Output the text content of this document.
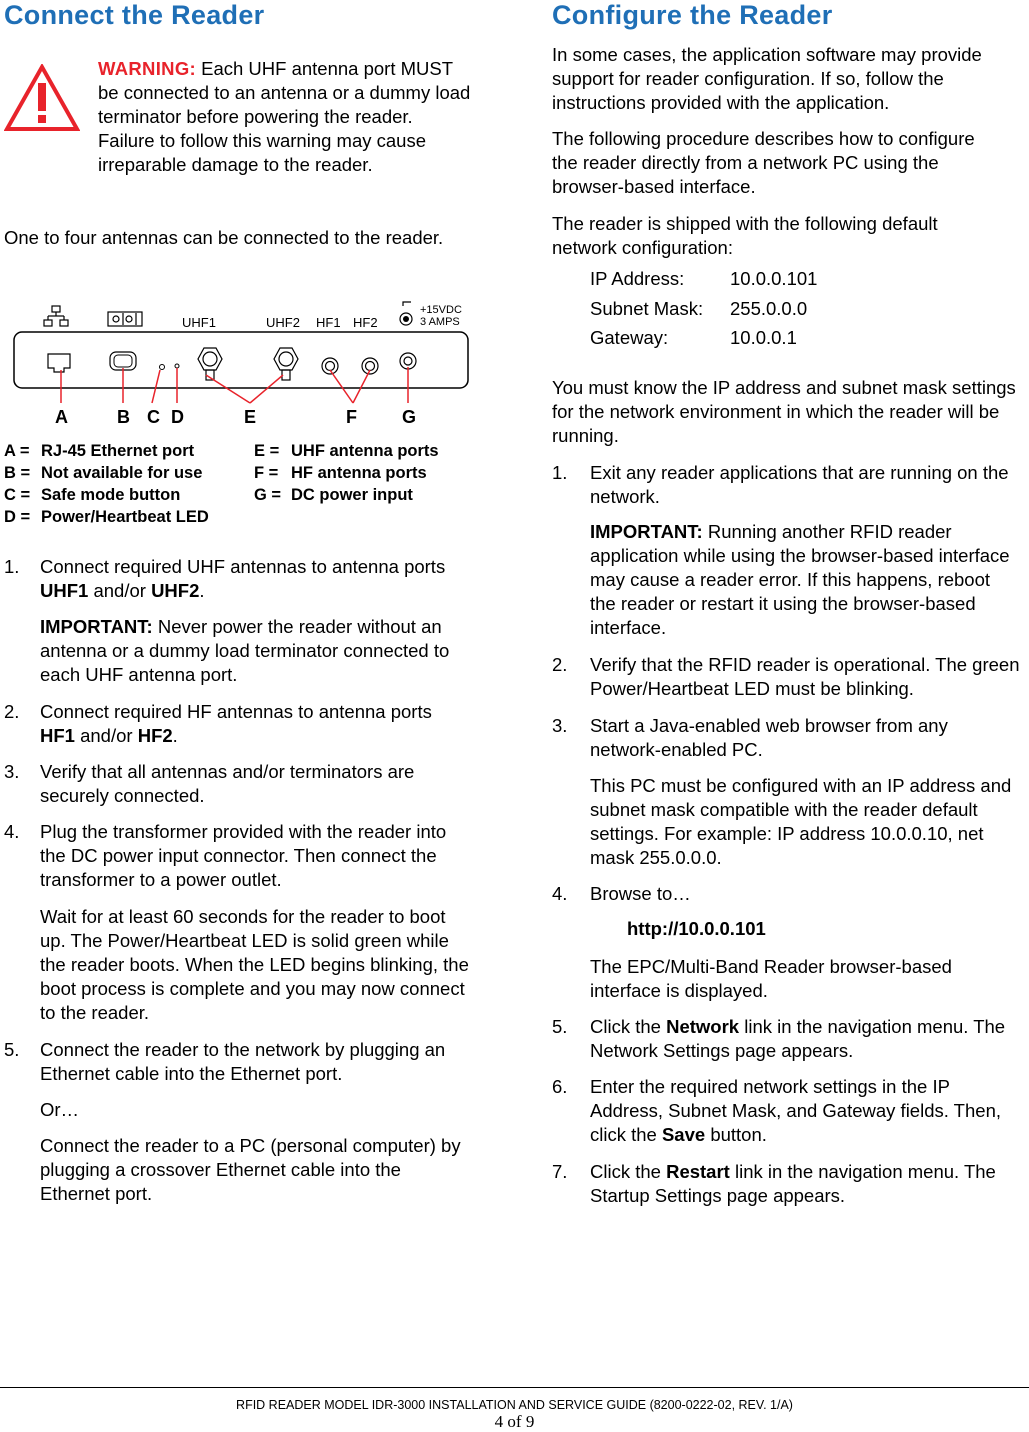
Connect the Reader
WARNING: Each UHF antenna port MUST be connected to an antenna or a dummy load terminator before powering the reader. Failure to follow this warning may cause irreparable damage to the reader.

One to four antennas can be connected to the reader.

UHF1	UHF2 HF1 HF2
+15VDC
3 AMPS
A	B C D	E	F	G
A = RJ-45 Ethernet port	E = UHF antenna ports
B = Not available for use	F = HF antenna ports
C = Safe mode button	G = DC power input
D = Power/Heartbeat LED
1. Connect required UHF antennas to antenna ports UHF1 and/or UHF2.

IMPORTANT: Never power the reader without an antenna or a dummy load terminator connected to each UHF antenna port.

2. Connect required HF antennas to antenna ports HF1 and/or HF2.

3. Verify that all antennas and/or terminators are securely connected.

4. Plug the transformer provided with the reader into the DC power input connector. Then connect the transformer to a power outlet.

Wait for at least 60 seconds for the reader to boot up. The Power/Heartbeat LED is solid green while the reader boots. When the LED begins blinking, the boot process is complete and you may now connect to the reader.

5. Connect the reader to the network by plugging an Ethernet cable into the Ethernet port.

Or…

Connect the reader to a PC (personal computer) by plugging a crossover Ethernet cable into the Ethernet port.

Configure the Reader

In some cases, the application software may provide support for reader configuration. If so, follow the instructions provided with the application.

The following procedure describes how to configure the reader directly from a network PC using the browser-based interface.

The reader is shipped with the following default network configuration:

IP Address: 10.0.0.101
Subnet Mask: 255.0.0.0
Gateway:	10.0.0.1

You must know the IP address and subnet mask settings for the network environment in which the reader will be running.

1. Exit any reader applications that are running on the network.

IMPORTANT: Running another RFID reader application while using the browser-based interface may cause a reader error. If this happens, reboot the reader or restart it using the browser-based interface.

2. Verify that the RFID reader is operational. The green Power/Heartbeat LED must be blinking.

3. Start a Java-enabled web browser from any network-enabled PC.

This PC must be configured with an IP address and subnet mask compatible with the reader default settings. For example: IP address 10.0.0.10, net mask 255.0.0.0.

4. Browse to…

http://10.0.0.101

The EPC/Multi-Band Reader browser-based interface is displayed.

5. Click the Network link in the navigation menu. The Network Settings page appears.

6. Enter the required network settings in the IP Address, Subnet Mask, and Gateway fields. Then, click the Save button.

7. Click the Restart link in the navigation menu. The Startup Settings page appears.

RFID READER MODEL IDR-3000 INSTALLATION AND SERVICE GUIDE (8200-0222-02, REV. 1/A)
4 of 9
